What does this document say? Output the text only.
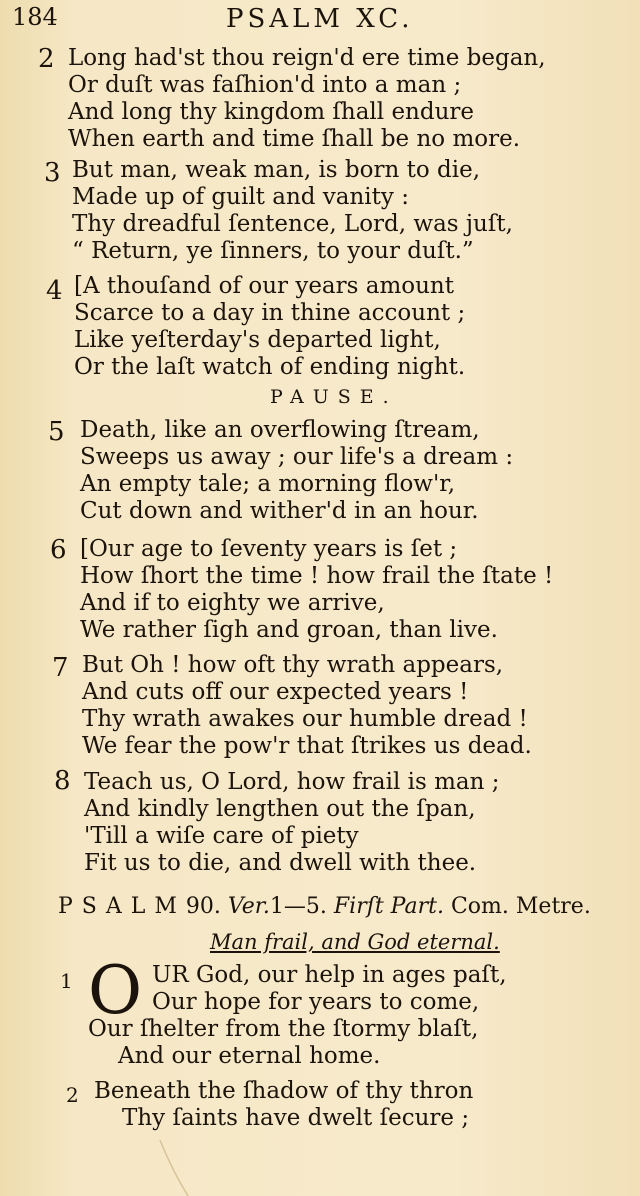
184	PSALM XC.
2 Long had'st thou reign'd ere time began,
Or duſt was faſhion'd into a man ;
And long thy kingdom ſhall endure
When earth and time ſhall be no more.
3 But man, weak man, is born to die,
Made up of guilt and vanity :
Thy dreadful ſentence, Lord, was juſt,
“ Return, ye ſinners, to your duſt.”
4 [A thouſand of our years amount
Scarce to a day in thine account ;
Like yeſterday's departed light,
Or the laſt watch of ending night.
PAUSE.
5 Death, like an overflowing ſtream,
Sweeps us away ; our life's a dream :
An empty tale; a morning flow'r,
Cut down and wither'd in an hour.
6 [Our age to ſeventy years is ſet ;
How ſhort the time ! how frail the ſtate !
And if to eighty we arrive,
We rather ſigh and groan, than live.
7 But Oh ! how oft thy wrath appears,
And cuts off our expected years !
Thy wrath awakes our humble dread !
We fear the pow'r that ſtrikes us dead.
8 Teach us, O Lord, how frail is man ;
And kindly lengthen out the ſpan,
'Till a wiſe care of piety
Fit us to die, and dwell with thee.
PSALM90. Ver.1—5. Firſt Part. Com. Metre.
Man frail, and God eternal.
1 O UR God, our help in ages paſt,
Our hope for years to come,
Our ſhelter from the ſtormy blaſt,
And our eternal home.
2 Beneath the ſhadow of thy thron
Thy ſaints have dwelt ſecure ;
